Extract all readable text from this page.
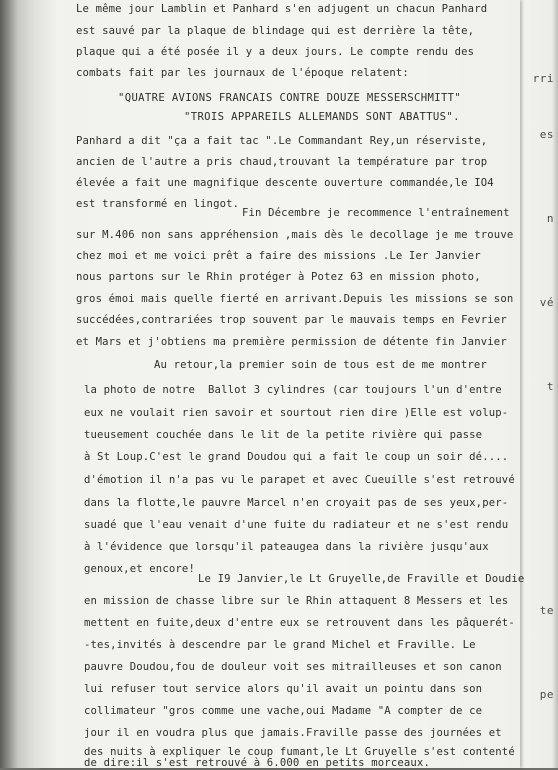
rri
es
n
vé
t
te
pe
Le même jour Lamblin et Panhard s'en adjugent un chacun Panhard
est sauvé par la plaque de blindage qui est derrière la tête,
plaque qui a été posée il y a deux jours. Le compte rendu des
combats fait par les journaux de l'époque relatent:
"QUATRE AVIONS FRANCAIS CONTRE DOUZE MESSERSCHMITT"
"TROIS APPAREILS ALLEMANDS SONT ABATTUS".
Panhard a dit "ça a fait tac ".Le Commandant Rey,un réserviste,
ancien de l'autre a pris chaud,trouvant la température par trop
élevée a fait une magnifique descente ouverture commandée,le IO4
est transformé en lingot.
Fin Décembre je recommence l'entraînement
sur M.406 non sans appréhension ,mais dès le decollage je me trouve
chez moi et me voici prêt a faire des missions .Le Ier Janvier
nous partons sur le Rhin protéger à Potez 63 en mission photo,
gros émoi mais quelle fierté en arrivant.Depuis les missions se son
succédées,contrariées trop souvent par le mauvais temps en Fevrier
et Mars et j'obtiens ma première permission de détente fin Janvier
Au retour,la premier soin de tous est de me montrer
la photo de notre  Ballot 3 cylindres (car toujours l'un d'entre
eux ne voulait rien savoir et sourtout rien dire )Elle est volup-
tueusement couchée dans le lit de la petite rivière qui passe
à St Loup.C'est le grand Doudou qui a fait le coup un soir dé....
d'émotion il n'a pas vu le parapet et avec Cueuille s'est retrouvé
dans la flotte,le pauvre Marcel n'en croyait pas de ses yeux,per-
suadé que l'eau venait d'une fuite du radiateur et ne s'est rendu
à l'évidence que lorsqu'il pateaugea dans la rivière jusqu'aux
genoux,et encore!
Le I9 Janvier,le Lt Gruyelle,de Fraville et Doudie
en mission de chasse libre sur le Rhin attaquent 8 Messers et les
mettent en fuite,deux d'entre eux se retrouvent dans les pâquerét-
-tes,invités à descendre par le grand Michel et Fraville. Le
pauvre Doudou,fou de douleur voit ses mitrailleuses et son canon
lui refuser tout service alors qu'il avait un pointu dans son
collimateur "gros comme une vache,oui Madame "A compter de ce
jour il en voudra plus que jamais.Fraville passe des journées et
des nuits à expliquer le coup fumant,le Lt Gruyelle s'est contenté
de dire:il s'est retrouvé à 6.000 en petits morceaux.
